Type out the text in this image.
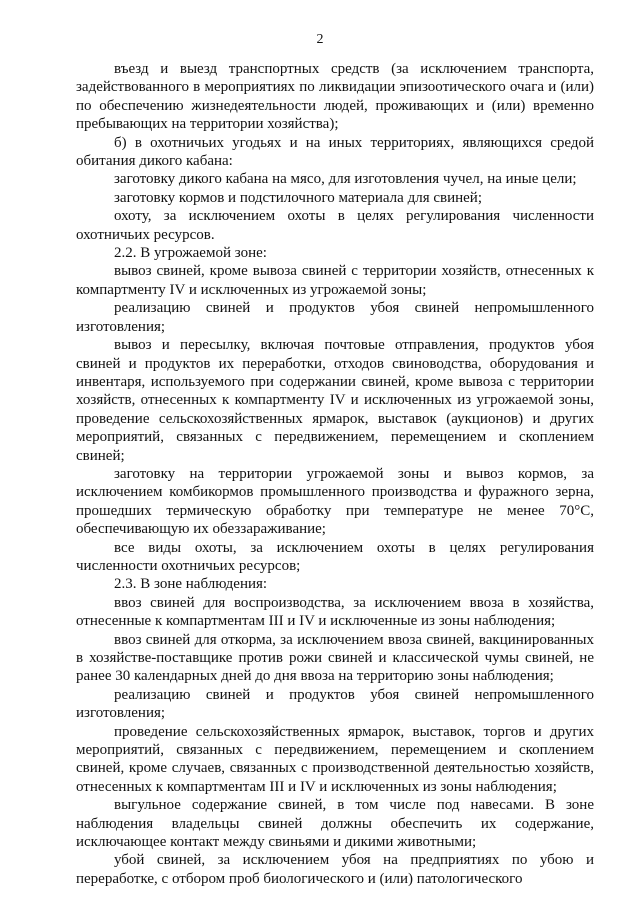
2

въезд и выезд транспортных средств (за исключением транспорта, задействованного в мероприятиях по ликвидации эпизоотического очага и (или) по обеспечению жизнедеятельности людей, проживающих и (или) временно пребывающих на территории хозяйства);

б) в охотничьих угодьях и на иных территориях, являющихся средой обитания дикого кабана:

заготовку дикого кабана на мясо, для изготовления чучел, на иные цели;

заготовку кормов и подстилочного материала для свиней;

охоту, за исключением охоты в целях регулирования численности охотничьих ресурсов.

2.2. В угрожаемой зоне:

вывоз свиней, кроме вывоза свиней с территории хозяйств, отнесенных к компартменту IV и исключенных из угрожаемой зоны;

реализацию свиней и продуктов убоя свиней непромышленного изготовления;

вывоз и пересылку, включая почтовые отправления, продуктов убоя свиней и продуктов их переработки, отходов свиноводства, оборудования и инвентаря, используемого при содержании свиней, кроме вывоза с территории хозяйств, отнесенных к компартменту IV и исключенных из угрожаемой зоны, проведение сельскохозяйственных ярмарок, выставок (аукционов) и других мероприятий, связанных с передвижением, перемещением и скоплением свиней;

заготовку на территории угрожаемой зоны и вывоз кормов, за исключением комбикормов промышленного производства и фуражного зерна, прошедших термическую обработку при температуре не менее 70°С, обеспечивающую их обеззараживание;

все виды охоты, за исключением охоты в целях регулирования численности охотничьих ресурсов;

2.3. В зоне наблюдения:

ввоз свиней для воспроизводства, за исключением ввоза в хозяйства, отнесенные к компартментам III и IV и исключенные из зоны наблюдения;

ввоз свиней для откорма, за исключением ввоза свиней, вакцинированных в хозяйстве-поставщике против рожи свиней и классической чумы свиней, не ранее 30 календарных дней до дня ввоза на территорию зоны наблюдения;

реализацию свиней и продуктов убоя свиней непромышленного изготовления;

проведение сельскохозяйственных ярмарок, выставок, торгов и других мероприятий, связанных с передвижением, перемещением и скоплением свиней, кроме случаев, связанных с производственной деятельностью хозяйств, отнесенных к компартментам III и IV и исключенных из зоны наблюдения;

выгульное содержание свиней, в том числе под навесами. В зоне наблюдения владельцы свиней должны обеспечить их содержание, исключающее контакт между свиньями и дикими животными;

убой свиней, за исключением убоя на предприятиях по убою и переработке, с отбором проб биологического и (или) патологического
